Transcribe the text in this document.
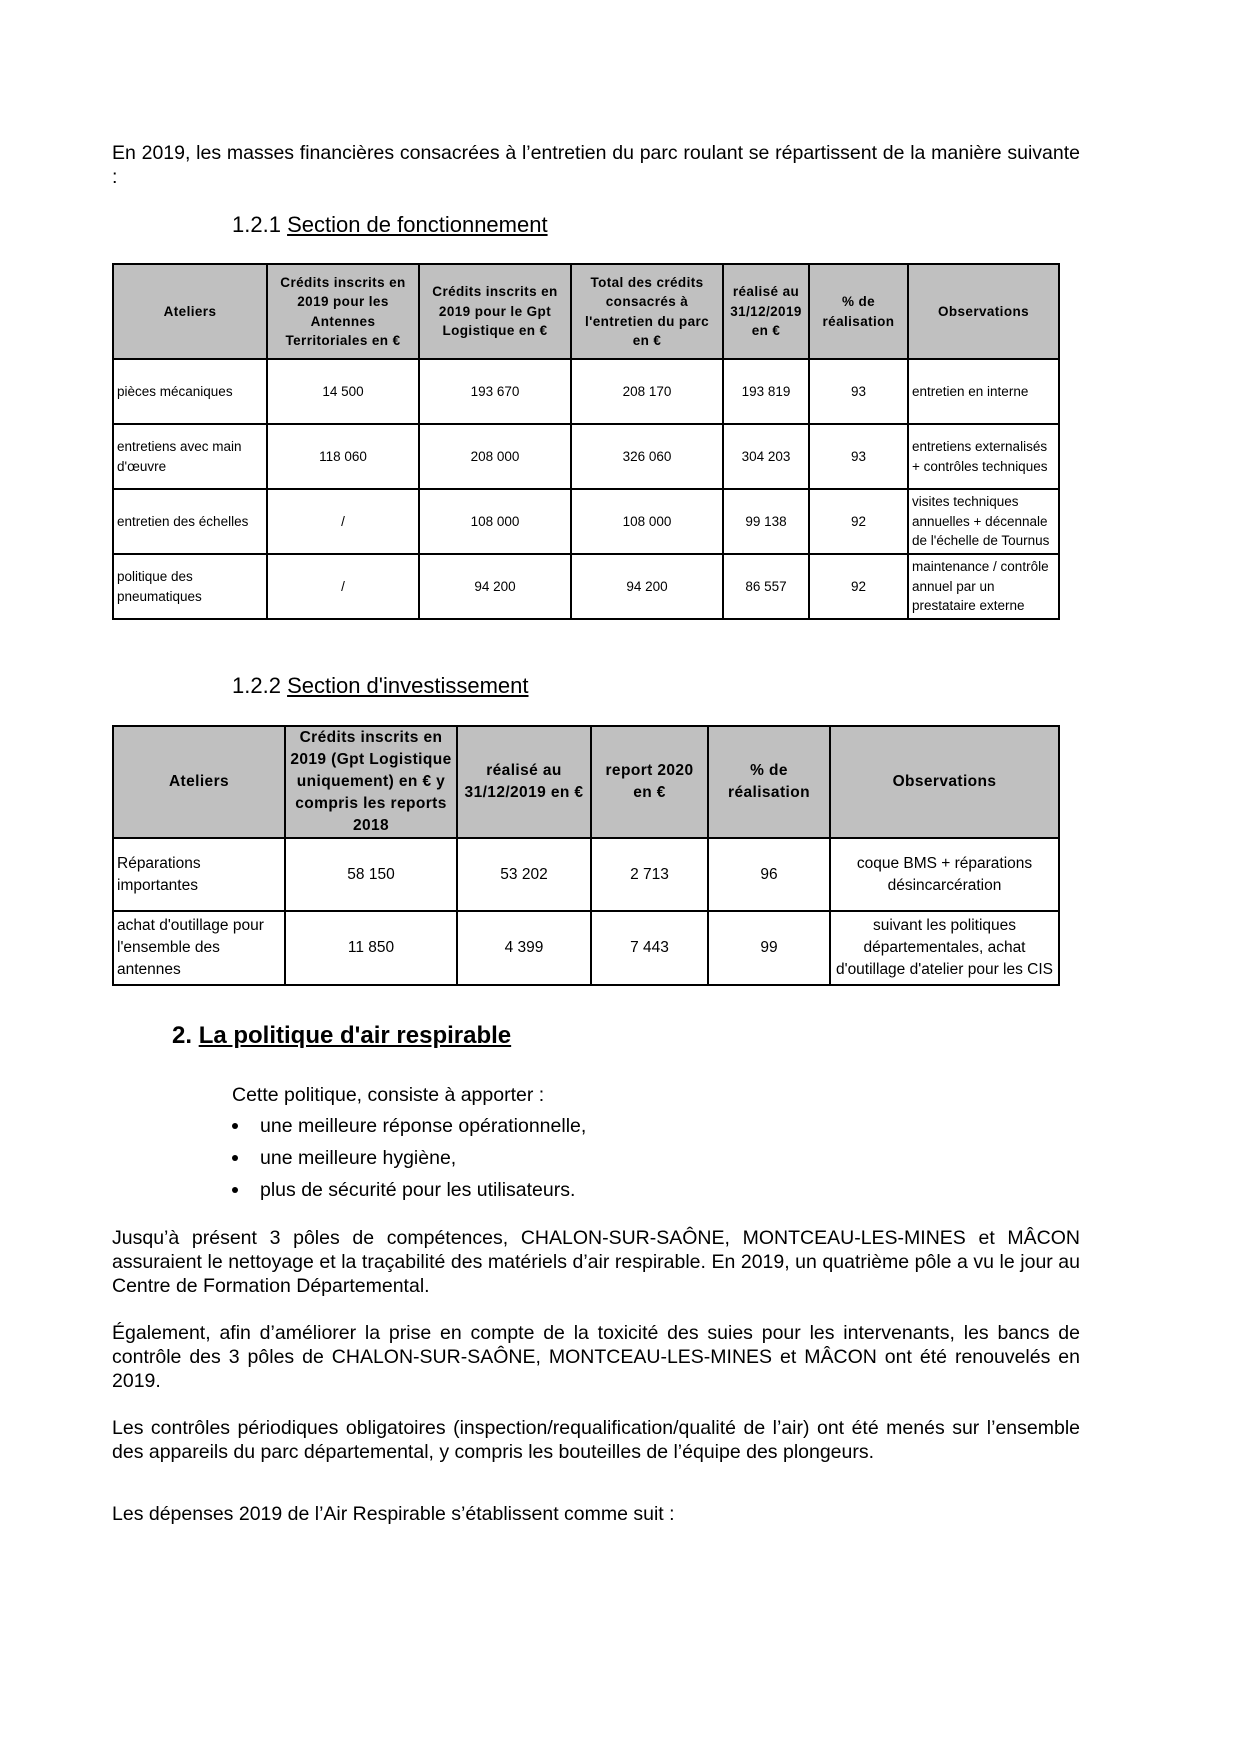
En 2019, les masses financières consacrées à l’entretien du parc roulant se répartissent de la manière suivante :
1.2.1 Section de fonctionnement
Ateliers	Crédits inscrits en 2019 pour les Antennes Territoriales en €	Crédits inscrits en 2019 pour le Gpt Logistique en €	Total des crédits consacrés à l'entretien du parc en €	réalisé au 31/12/2019 en €	% de réalisation	Observations
pièces mécaniques	14 500	193 670	208 170	193 819	93	entretien en interne
entretiens avec main d'œuvre	118 060	208 000	326 060	304 203	93	entretiens externalisés + contrôles techniques
entretien des échelles	/	108 000	108 000	99 138	92	visites techniques annuelles + décennale de l'échelle de Tournus
politique des pneumatiques	/	94 200	94 200	86 557	92	maintenance / contrôle annuel par un prestataire externe
1.2.2 Section d'investissement
Ateliers	Crédits inscrits en 2019 (Gpt Logistique uniquement) en € y compris les reports 2018	réalisé au 31/12/2019 en €	report 2020 en €	% de réalisation	Observations
Réparations importantes	58 150	53 202	2 713	96	coque BMS + réparations désincarcération
achat d'outillage pour l'ensemble des antennes	11 850	4 399	7 443	99	suivant les politiques départementales, achat d'outillage d'atelier pour les CIS
2. La politique d'air respirable
Cette politique, consiste à apporter :
une meilleure réponse opérationnelle,
une meilleure hygiène,
plus de sécurité pour les utilisateurs.
Jusqu’à présent 3 pôles de compétences, CHALON-SUR-SAÔNE, MONTCEAU-LES-MINES et MÂCON assuraient le nettoyage et la traçabilité des matériels d’air respirable. En 2019, un quatrième pôle a vu le jour au Centre de Formation Départemental.
Également, afin d’améliorer la prise en compte de la toxicité des suies pour les intervenants, les bancs de contrôle des 3 pôles de CHALON-SUR-SAÔNE, MONTCEAU-LES-MINES et MÂCON ont été renouvelés en 2019.
Les contrôles périodiques obligatoires (inspection/requalification/qualité de l’air) ont été menés sur l’ensemble des appareils du parc départemental, y compris les bouteilles de l’équipe des plongeurs.
Les dépenses 2019 de l’Air Respirable s’établissent comme suit :
